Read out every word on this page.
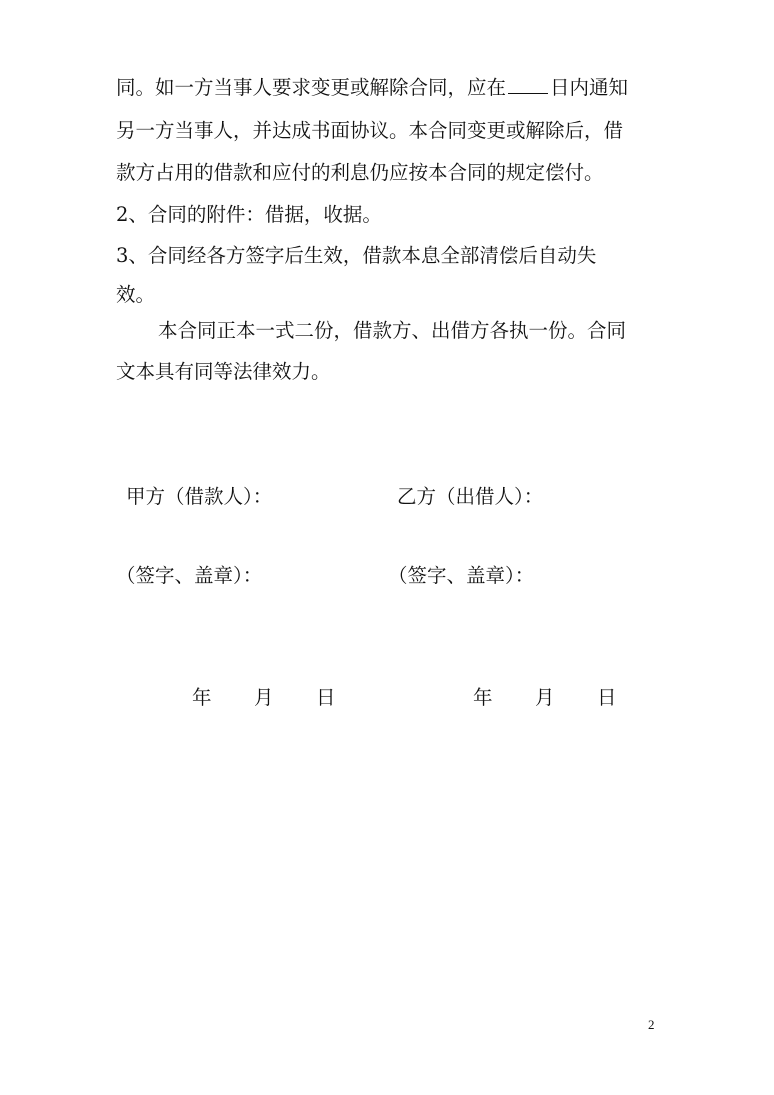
同。如一方当事人要求变更或解除合同，应在 日内通知
另一方当事人，并达成书面协议。本合同变更或解除后，借
款方占用的借款和应付的利息仍应按本合同的规定偿付。
2、合同的附件：借据，收据。
3、合同经各方签字后生效，借款本息全部清偿后自动失
效。
本合同正本一式二份，借款方、出借方各执一份。合同
文本具有同等法律效力。
甲方（借款人）：	乙方（出借人）：
（签字、盖章）：	（签字、盖章）：
年 月 日	年 月 日
2
